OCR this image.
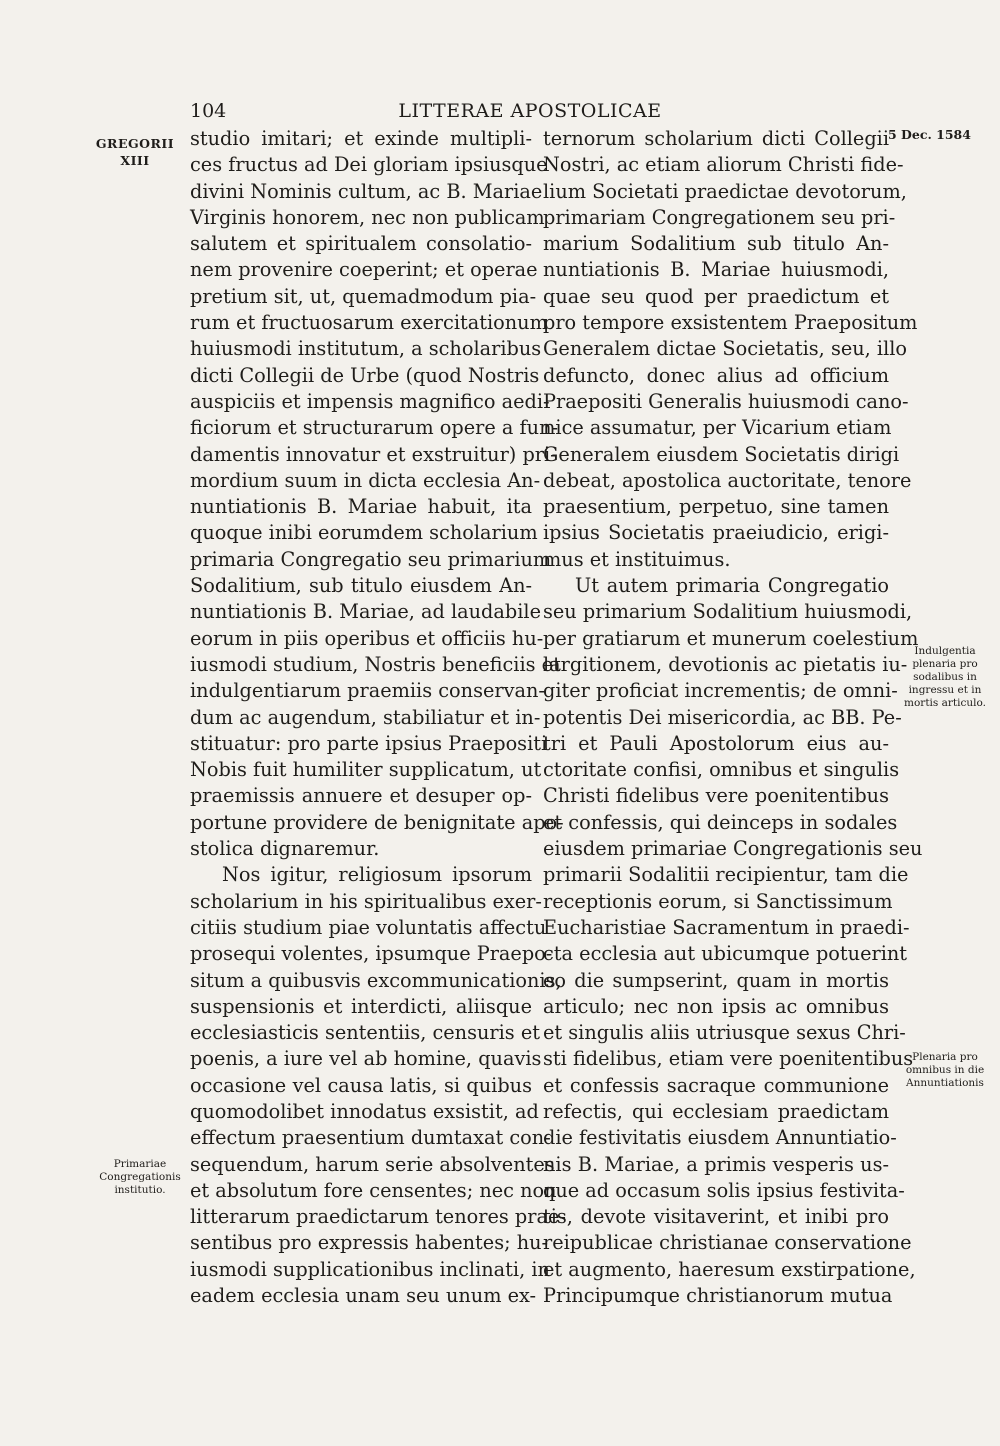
104	LITTERAE APOSTOLICAE
GREGORII XIII
5 Dec. 1584
Indulgentia plenaria pro sodalibus in ingressu et in mortis articulo.
Plenaria pro omnibus in die Annuntiationis
Primariae Congregationis institutio.
studio imitari; et exinde multipli-
ces fructus ad Dei gloriam ipsiusque
divini Nominis cultum, ac B. Mariae
Virginis honorem, nec non publicam
salutem et spiritualem consolatio-
nem provenire coeperint; et operae
pretium sit, ut, quemadmodum pia-
rum et fructuosarum exercitationum
huiusmodi institutum, a scholaribus
dicti Collegii de Urbe (quod Nostris
auspiciis et impensis magnifico aedi-
ficiorum et structurarum opere a fun-
damentis innovatur et exstruitur) pri-
mordium suum in dicta ecclesia An-
nuntiationis B. Mariae habuit, ita
quoque inibi eorumdem scholarium
primaria Congregatio seu primarium
Sodalitium, sub titulo eiusdem An-
nuntiationis B. Mariae, ad laudabile
eorum in piis operibus et officiis hu-
iusmodi studium, Nostris beneficiis et
indulgentiarum praemiis conservan-
dum ac augendum, stabiliatur et in-
stituatur: pro parte ipsius Praepositi
Nobis fuit humiliter supplicatum, ut
praemissis annuere et desuper op-
portune providere de benignitate apo-
stolica dignaremur.
Nos igitur, religiosum ipsorum
scholarium in his spiritualibus exer-
citiis studium piae voluntatis affectu
prosequi volentes, ipsumque Praepo-
situm a quibusvis excommunicationis,
suspensionis et interdicti, aliisque
ecclesiasticis sententiis, censuris et
poenis, a iure vel ab homine, quavis
occasione vel causa latis, si quibus
quomodolibet innodatus exsistit, ad
effectum praesentium dumtaxat con-
sequendum, harum serie absolventes
et absolutum fore censentes; nec non
litterarum praedictarum tenores prae-
sentibus pro expressis habentes; hu-
iusmodi supplicationibus inclinati, in
eadem ecclesia unam seu unum ex-
ternorum scholarium dicti Collegii
Nostri, ac etiam aliorum Christi fide-
lium Societati praedictae devotorum,
primariam Congregationem seu pri-
marium Sodalitium sub titulo An-
nuntiationis B. Mariae huiusmodi,
quae seu quod per praedictum et
pro tempore exsistentem Praepositum
Generalem dictae Societatis, seu, illo
defuncto, donec alius ad officium
Praepositi Generalis huiusmodi cano-
nice assumatur, per Vicarium etiam
Generalem eiusdem Societatis dirigi
debeat, apostolica auctoritate, tenore
praesentium, perpetuo, sine tamen
ipsius Societatis praeiudicio, erigi-
mus et instituimus.
Ut autem primaria Congregatio
seu primarium Sodalitium huiusmodi,
per gratiarum et munerum coelestium
largitionem, devotionis ac pietatis iu-
giter proficiat incrementis; de omni-
potentis Dei misericordia, ac BB. Pe-
tri et Pauli Apostolorum eius au-
ctoritate confisi, omnibus et singulis
Christi fidelibus vere poenitentibus
et confessis, qui deinceps in sodales
eiusdem primariae Congregationis seu
primarii Sodalitii recipientur, tam die
receptionis eorum, si Sanctissimum
Eucharistiae Sacramentum in praedi-
cta ecclesia aut ubicumque potuerint
eo die sumpserint, quam in mortis
articulo; nec non ipsis ac omnibus
et singulis aliis utriusque sexus Chri-
sti fidelibus, etiam vere poenitentibus
et confessis sacraque communione
refectis, qui ecclesiam praedictam
die festivitatis eiusdem Annuntiatio-
nis B. Mariae, a primis vesperis us-
que ad occasum solis ipsius festivita-
tis, devote visitaverint, et inibi pro
reipublicae christianae conservatione
et augmento, haeresum exstirpatione,
Principumque christianorum mutua
